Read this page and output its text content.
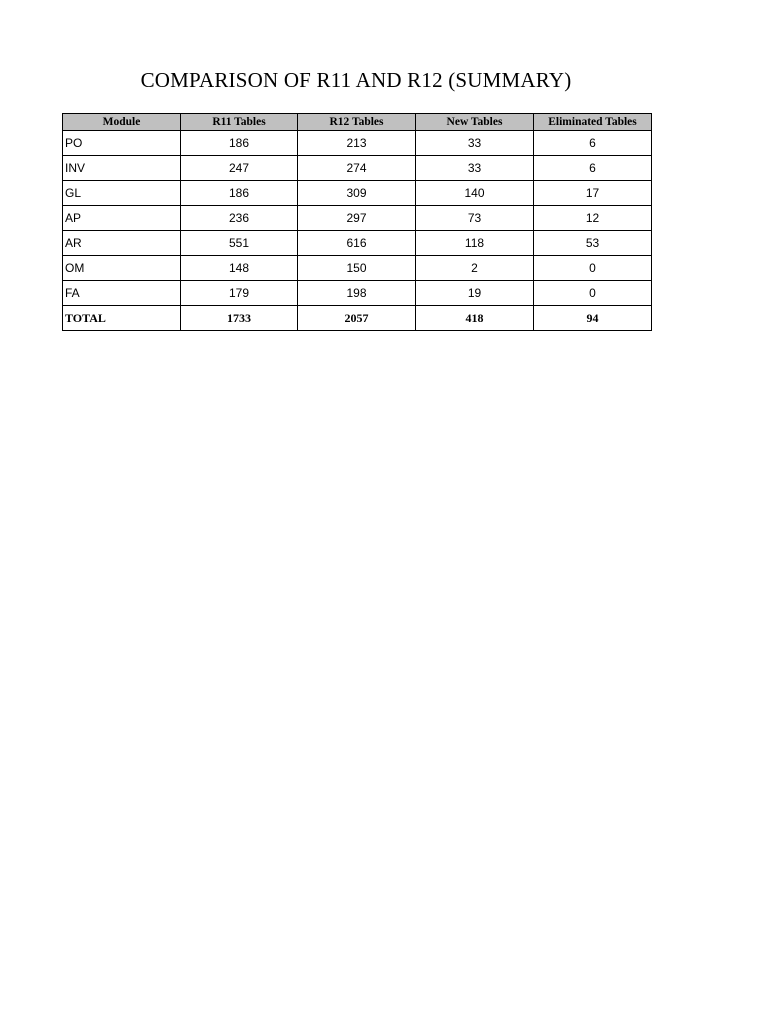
COMPARISON OF R11 AND R12 (SUMMARY)
Module	R11 Tables	R12 Tables	New Tables	Eliminated Tables
PO	186	213	33	6
INV	247	274	33	6
GL	186	309	140	17
AP	236	297	73	12
AR	551	616	118	53
OM	148	150	2	0
FA	179	198	19	0
TOTAL	1733	2057	418	94
